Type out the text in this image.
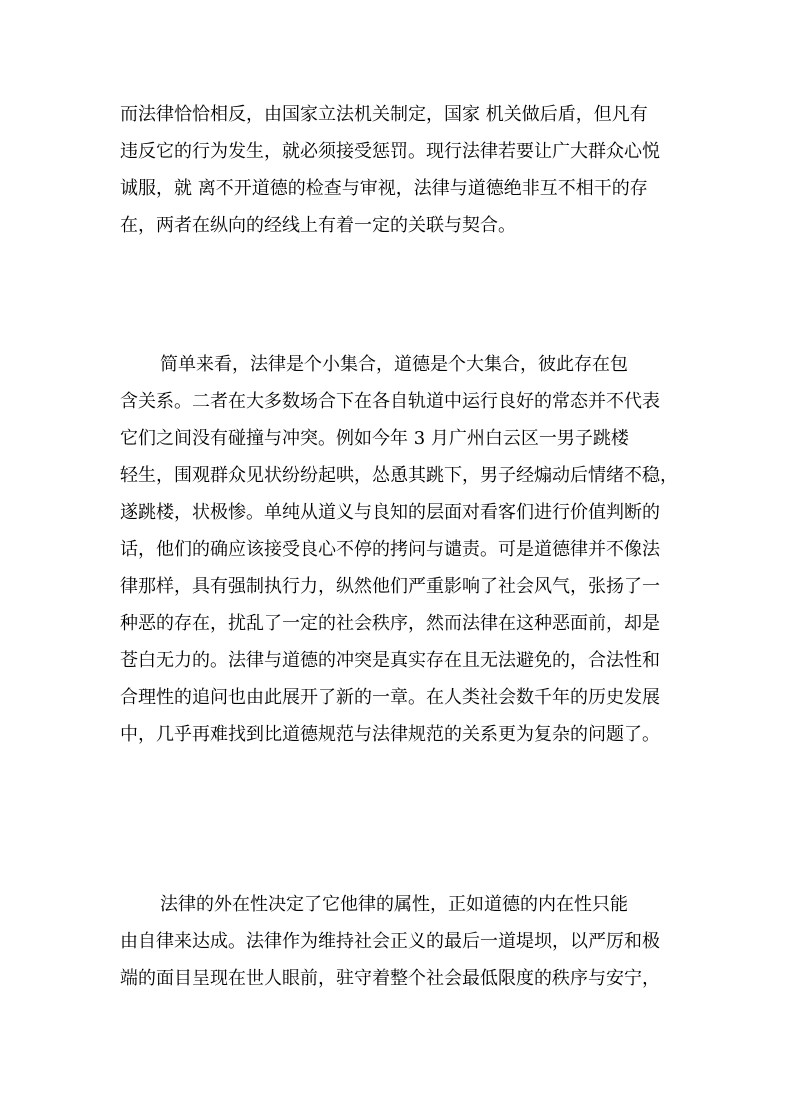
而法律恰恰相反，由国家立法机关制定，国家 机关做后盾，但凡有
违反它的行为发生，就必须接受惩罚。现行法律若要让广大群众心悦
诚服，就 离不开道德的检查与审视，法律与道德绝非互不相干的存
在，两者在纵向的经线上有着一定的关联与契合。
简单来看，法律是个小集合，道德是个大集合，彼此存在包
含关系。二者在大多数场合下在各自轨道中运行良好的常态并不代表
它们之间没有碰撞与冲突。例如今年 3 月广州白云区一男子跳楼
轻生，围观群众见状纷纷起哄，怂恿其跳下，男子经煽动后情绪不稳，
遂跳楼，状极惨。单纯从道义与良知的层面对看客们进行价值判断的
话，他们的确应该接受良心不停的拷问与谴责。可是道德律并不像法
律那样，具有强制执行力，纵然他们严重影响了社会风气，张扬了一
种恶的存在，扰乱了一定的社会秩序，然而法律在这种恶面前，却是
苍白无力的。法律与道德的冲突是真实存在且无法避免的，合法性和
合理性的追问也由此展开了新的一章。在人类社会数千年的历史发展
中，几乎再难找到比道德规范与法律规范的关系更为复杂的问题了。
法律的外在性决定了它他律的属性，正如道德的内在性只能
由自律来达成。法律作为维持社会正义的最后一道堤坝，以严厉和极
端的面目呈现在世人眼前，驻守着整个社会最低限度的秩序与安宁，
